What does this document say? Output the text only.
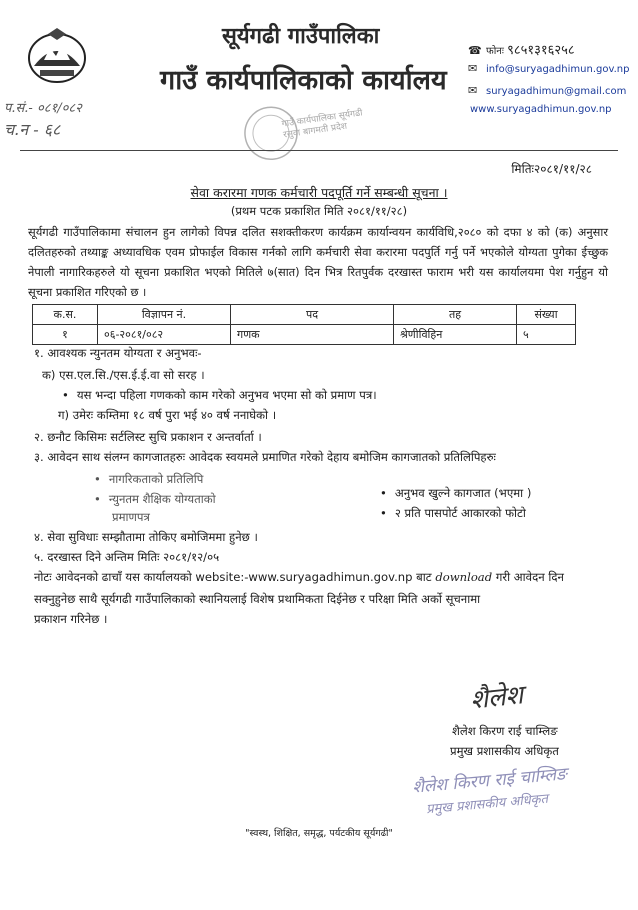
सूर्यगढी गाउँपालिका
गाउँ कार्यपालिकाको कार्यालय
☎ फोनः ९८५१३१६२५८
✉ info@suryagadhimun.gov.np
✉ suryagadhimun@gmail.com
www.suryagadhimun.gov.np
प.सं.- ०८१/०८२
च.न - ६८	गाउँ कार्यपालिका सूर्यगढी रसुवा बागमती प्रदेश
मितिः२०८१/११/२८
सेवा करारमा गणक कर्मचारी पदपूर्ति गर्ने सम्बन्धी सूचना ।
(प्रथम पटक प्रकाशित मिति २०८१/११/२८)
सूर्यगढी गाउँपालिकामा संचालन हुन लागेको विपन्न दलित सशक्तीकरण कार्यक्रम कार्यान्वयन कार्यविधि,२०८० को दफा ४ को (क) अनुसार दलितहरुको तथ्याङ्क अध्यावधिक एवम प्रोफाईल विकास गर्नको लागि कर्मचारी सेवा करारमा पदपुर्ति गर्नु पर्ने भएकोले योग्यता पुगेका ईच्छुक नेपाली नागारिकहरुले यो सूचना प्रकाशित भएको मितिले ७(सात) दिन भित्र रितपुर्वक दरखास्त फाराम भरी यस कार्यालयमा पेश गर्नुहुन यो सूचना प्रकाशित गरिएको छ ।
क.स.	विज्ञापन नं.	पद	तह	संख्या
१	०६-२०८१/०८२	गणक	श्रेणीविहिन	५
१. आवश्यक न्युनतम योग्यता र अनुभवः-
क) एस.एल.सि./एस.ई.ई.वा सो सरह ।
• यस भन्दा पहिला गणकको काम गरेको अनुभव भएमा सो को प्रमाण पत्र।
ग) उमेरः कम्तिमा १८ वर्ष पुरा भई ४० वर्ष ननाघेको ।
२. छनौट किसिमः सर्टलिस्ट सुचि प्रकाशन र अन्तर्वार्ता ।
३. आवेदन साथ संलग्न कागजातहरुः आवेदक स्वयमले प्रमाणित गरेको देहाय बमोजिम कागजातको प्रतिलिपिहरुः
• नागरिकताको प्रतिलिपि
• न्युनतम शैक्षिक योग्यताको
प्रमाणपत्र
• अनुभव खुल्ने कागजात (भएमा )
• २ प्रति पासपोर्ट आकारको फोटो
४. सेवा सुविधाः सम्झौतामा तोकिए बमोजिममा हुनेछ ।
५. दरखास्त दिने अन्तिम मितिः २०८१/१२/०५
नोटः आवेदनको ढाचाँ यस कार्यालयको website:-www.suryagadhimun.gov.np बाट download गरी आवेदन दिन
सक्नुहुनेछ साथै सूर्यगढी गाउँपालिकाको स्थानियलाई विशेष प्रथामिकता दिईनेछ र परिक्षा मिति अर्को सूचनामा
प्रकाशन गरिनेछ ।
शैलेश
शैलेश किरण राई चाम्लिङ
प्रमुख प्रशासकीय अधिकृत
शैलेश किरण राई चाम्लिङ
प्रमुख प्रशासकीय अधिकृत
"स्वस्थ, शिक्षित, समृद्ध, पर्यटकीय सूर्यगढी"
